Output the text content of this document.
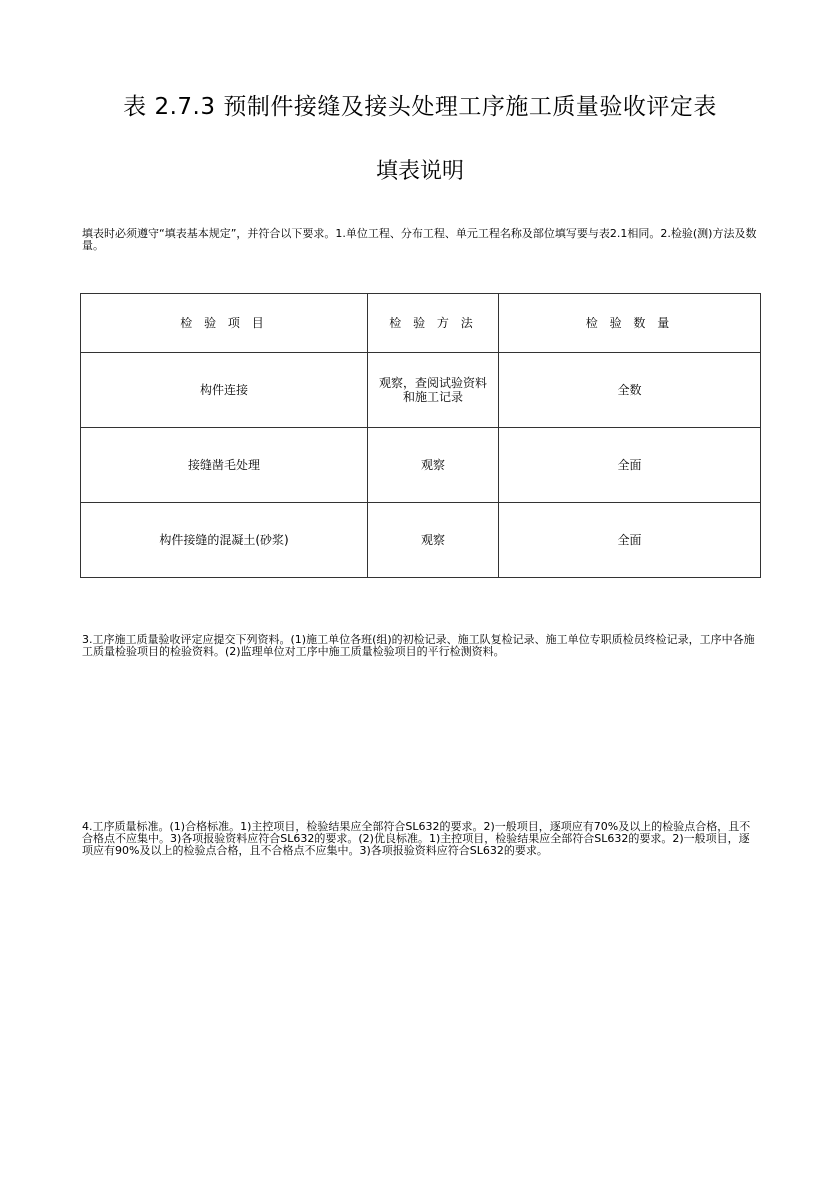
表 2.7.3 预制件接缝及接头处理工序施工质量验收评定表
填表说明
填表时必须遵守“填表基本规定”，并符合以下要求。1.单位工程、分布工程、单元工程名称及部位填写要与表2.1相同。2.检验(测)方法及数量。
检 验 项 目	检 验 方 法	检 验 数 量
构件连接	观察，查阅试验资料和施工记录	全数
接缝凿毛处理	观察	全面
构件接缝的混凝土(砂浆)	观察	全面
3.工序施工质量验收评定应提交下列资料。(1)施工单位各班(组)的初检记录、施工队复检记录、施工单位专职质检员终检记录，工序中各施工质量检验项目的检验资料。(2)监理单位对工序中施工质量检验项目的平行检测资料。
4.工序质量标准。(1)合格标准。1)主控项目，检验结果应全部符合SL632的要求。2)一般项目，逐项应有70%及以上的检验点合格，且不合格点不应集中。3)各项报验资料应符合SL632的要求。(2)优良标准。1)主控项目，检验结果应全部符合SL632的要求。2)一般项目，逐项应有90%及以上的检验点合格，且不合格点不应集中。3)各项报验资料应符合SL632的要求。
